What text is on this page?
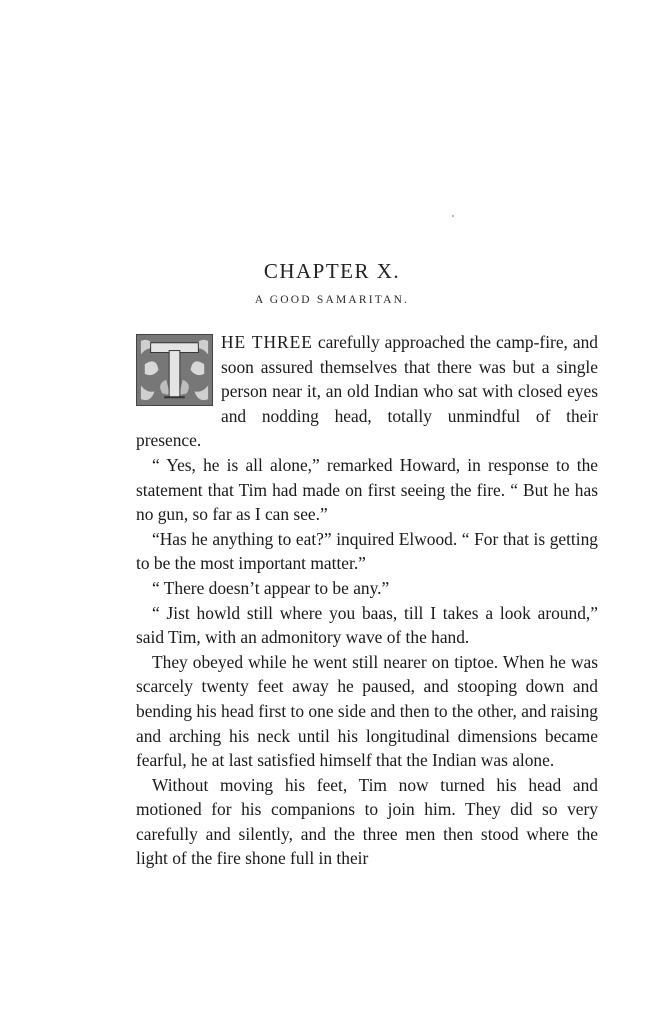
CHAPTER X.
A GOOD SAMARITAN.

HE THREE carefully approached the camp-fire, and soon assured themselves that there was but a single person near it, an old Indian who sat with closed eyes and nodding head, totally unmindful of their presence.

“ Yes, he is all alone,” remarked Howard, in response to the statement that Tim had made on first seeing the fire. “ But he has no gun, so far as I can see.”

“Has he anything to eat?” inquired Elwood. “ For that is getting to be the most important matter.”

“ There doesn’t appear to be any.”

“ Jist howld still where you baas, till I takes a look around,” said Tim, with an admonitory wave of the hand.

They obeyed while he went still nearer on tiptoe. When he was scarcely twenty feet away he paused, and stooping down and bending his head first to one side and then to the other, and raising and arching his neck until his longitudinal dimensions became fearful, he at last satisfied himself that the Indian was alone.

Without moving his feet, Tim now turned his head and motioned for his companions to join him. They did so very carefully and silently, and the three men then stood where the light of the fire shone full in their
